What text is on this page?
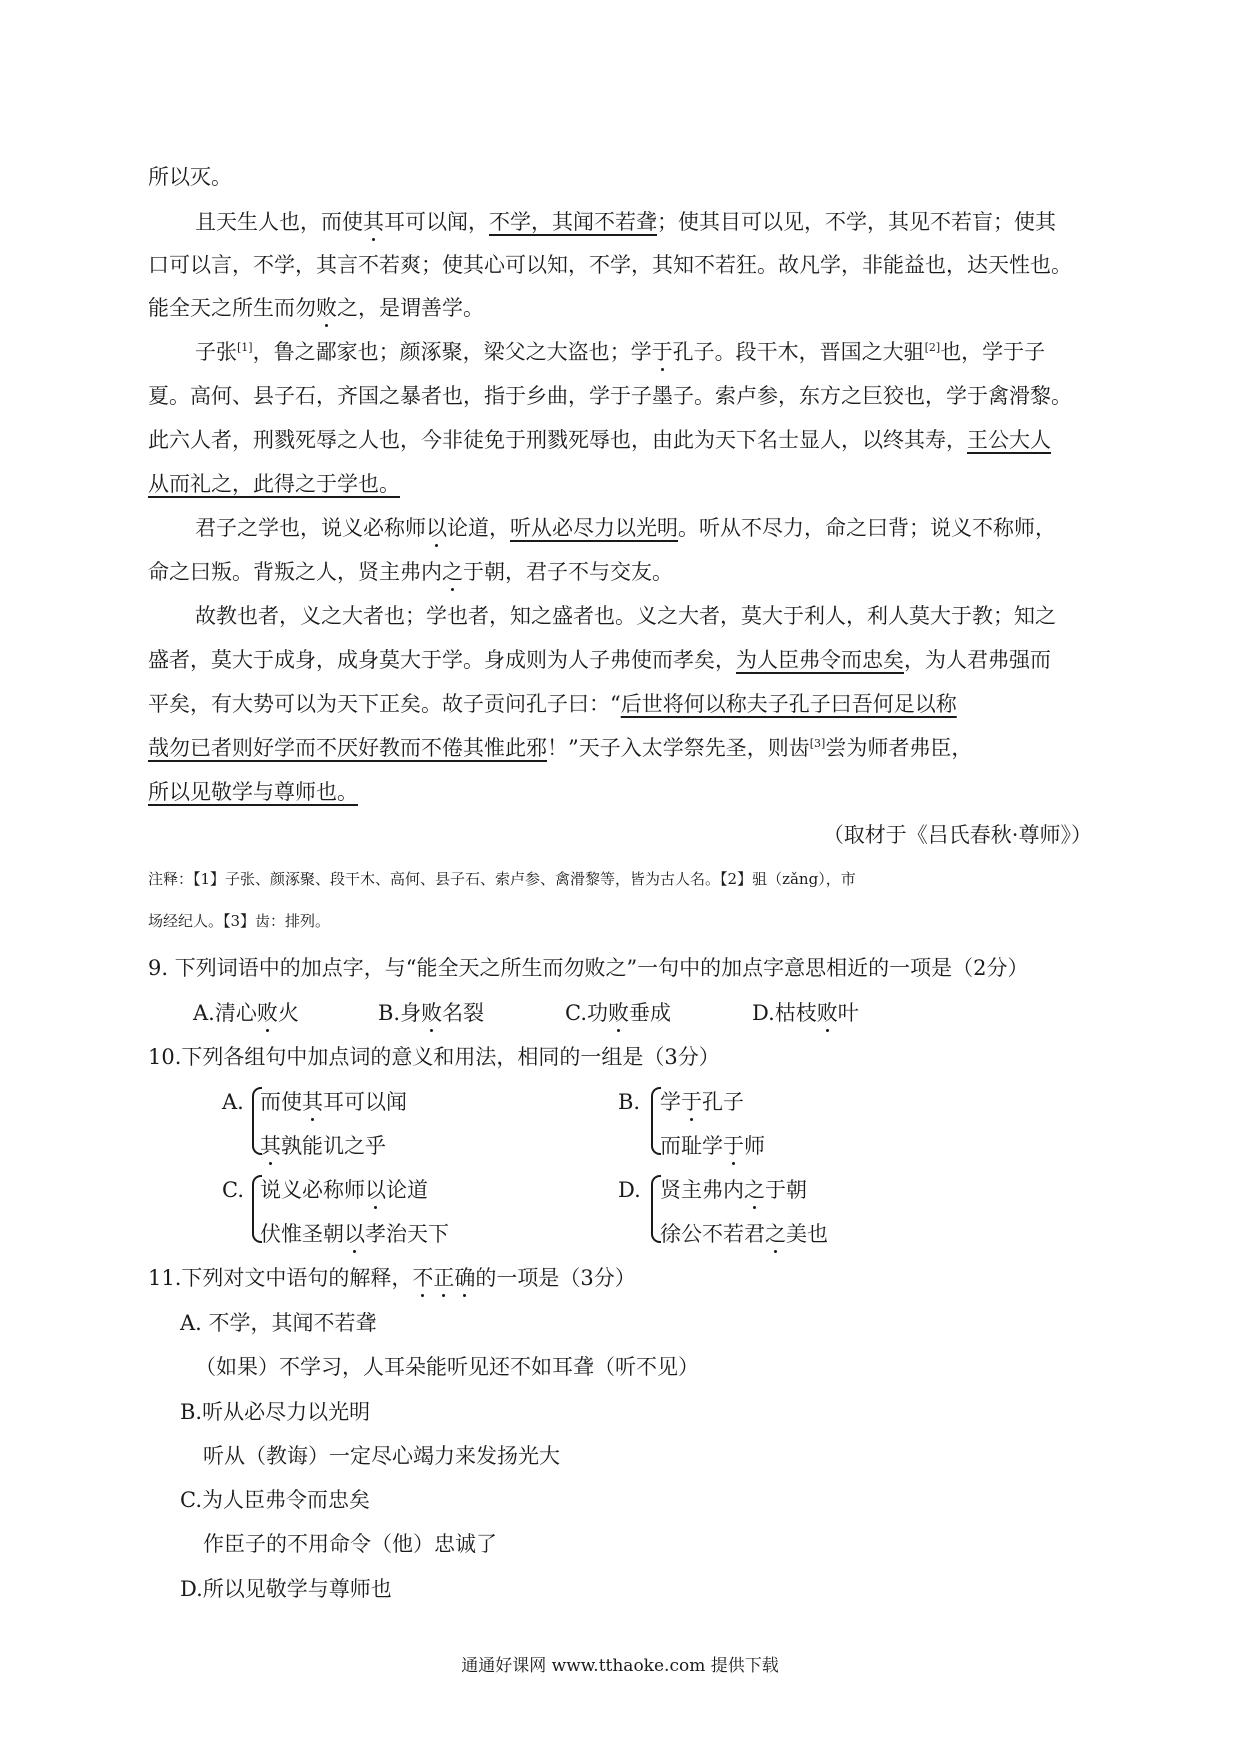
所以灭。
且天生人也，而使其耳可以闻，不学，其闻不若聋；使其目可以见，不学，其见不若盲；使其
口可以言，不学，其言不若爽；使其心可以知，不学，其知不若狂。故凡学，非能益也，达天性也。
能全天之所生而勿败之，是谓善学。
子张[1]，鲁之鄙家也；颜涿聚，梁父之大盗也；学于孔子。段干木，晋国之大驵[2]也，学于子
夏。高何、县子石，齐国之暴者也，指于乡曲，学于子墨子。索卢参，东方之巨狡也，学于禽滑黎。
此六人者，刑戮死辱之人也，今非徒免于刑戮死辱也，由此为天下名士显人，以终其寿，王公大人
从而礼之，此得之于学也。
君子之学也，说义必称师以论道，听从必尽力以光明。听从不尽力，命之曰背；说义不称师，
命之曰叛。背叛之人，贤主弗内之于朝，君子不与交友。
故教也者，义之大者也；学也者，知之盛者也。义之大者，莫大于利人，利人莫大于教；知之
盛者，莫大于成身，成身莫大于学。身成则为人子弗使而孝矣，为人臣弗令而忠矣，为人君弗强而
平矣，有大势可以为天下正矣。故子贡问孔子曰：“后世将何以称夫子孔子曰吾何足以称
哉勿已者则好学而不厌好教而不倦其惟此邪！”天子入太学祭先圣，则齿[3]尝为师者弗臣，
所以见敬学与尊师也。
（取材于《吕氏春秋·尊师》）
注释：【1】子张、颜涿聚、段干木、高何、县子石、索卢参、禽滑黎等，皆为古人名。【2】驵（zǎng），市
场经纪人。【3】齿：排列。
9. 下列词语中的加点字，与“能全天之所生而勿败之”一句中的加点字意思相近的一项是（2分）
A.清心败火	B.身败名裂	C.功败垂成	D.枯枝败叶
10.下列各组句中加点词的意义和用法，相同的一组是（3分）
A. 而使其耳可以闻
其孰能讥之乎
B. 学于孔子
而耻学于师
C. 说义必称师以论道
伏惟圣朝以孝治天下
D. 贤主弗内之于朝
徐公不若君之美也
11.下列对文中语句的解释，不正确的一项是（3分）
A. 不学，其闻不若聋
（如果）不学习，人耳朵能听见还不如耳聋（听不见）
B.听从必尽力以光明
听从（教诲）一定尽心竭力来发扬光大
C.为人臣弗令而忠矣
作臣子的不用命令（他）忠诚了
D.所以见敬学与尊师也
通通好课网 www.tthaoke.com 提供下载
